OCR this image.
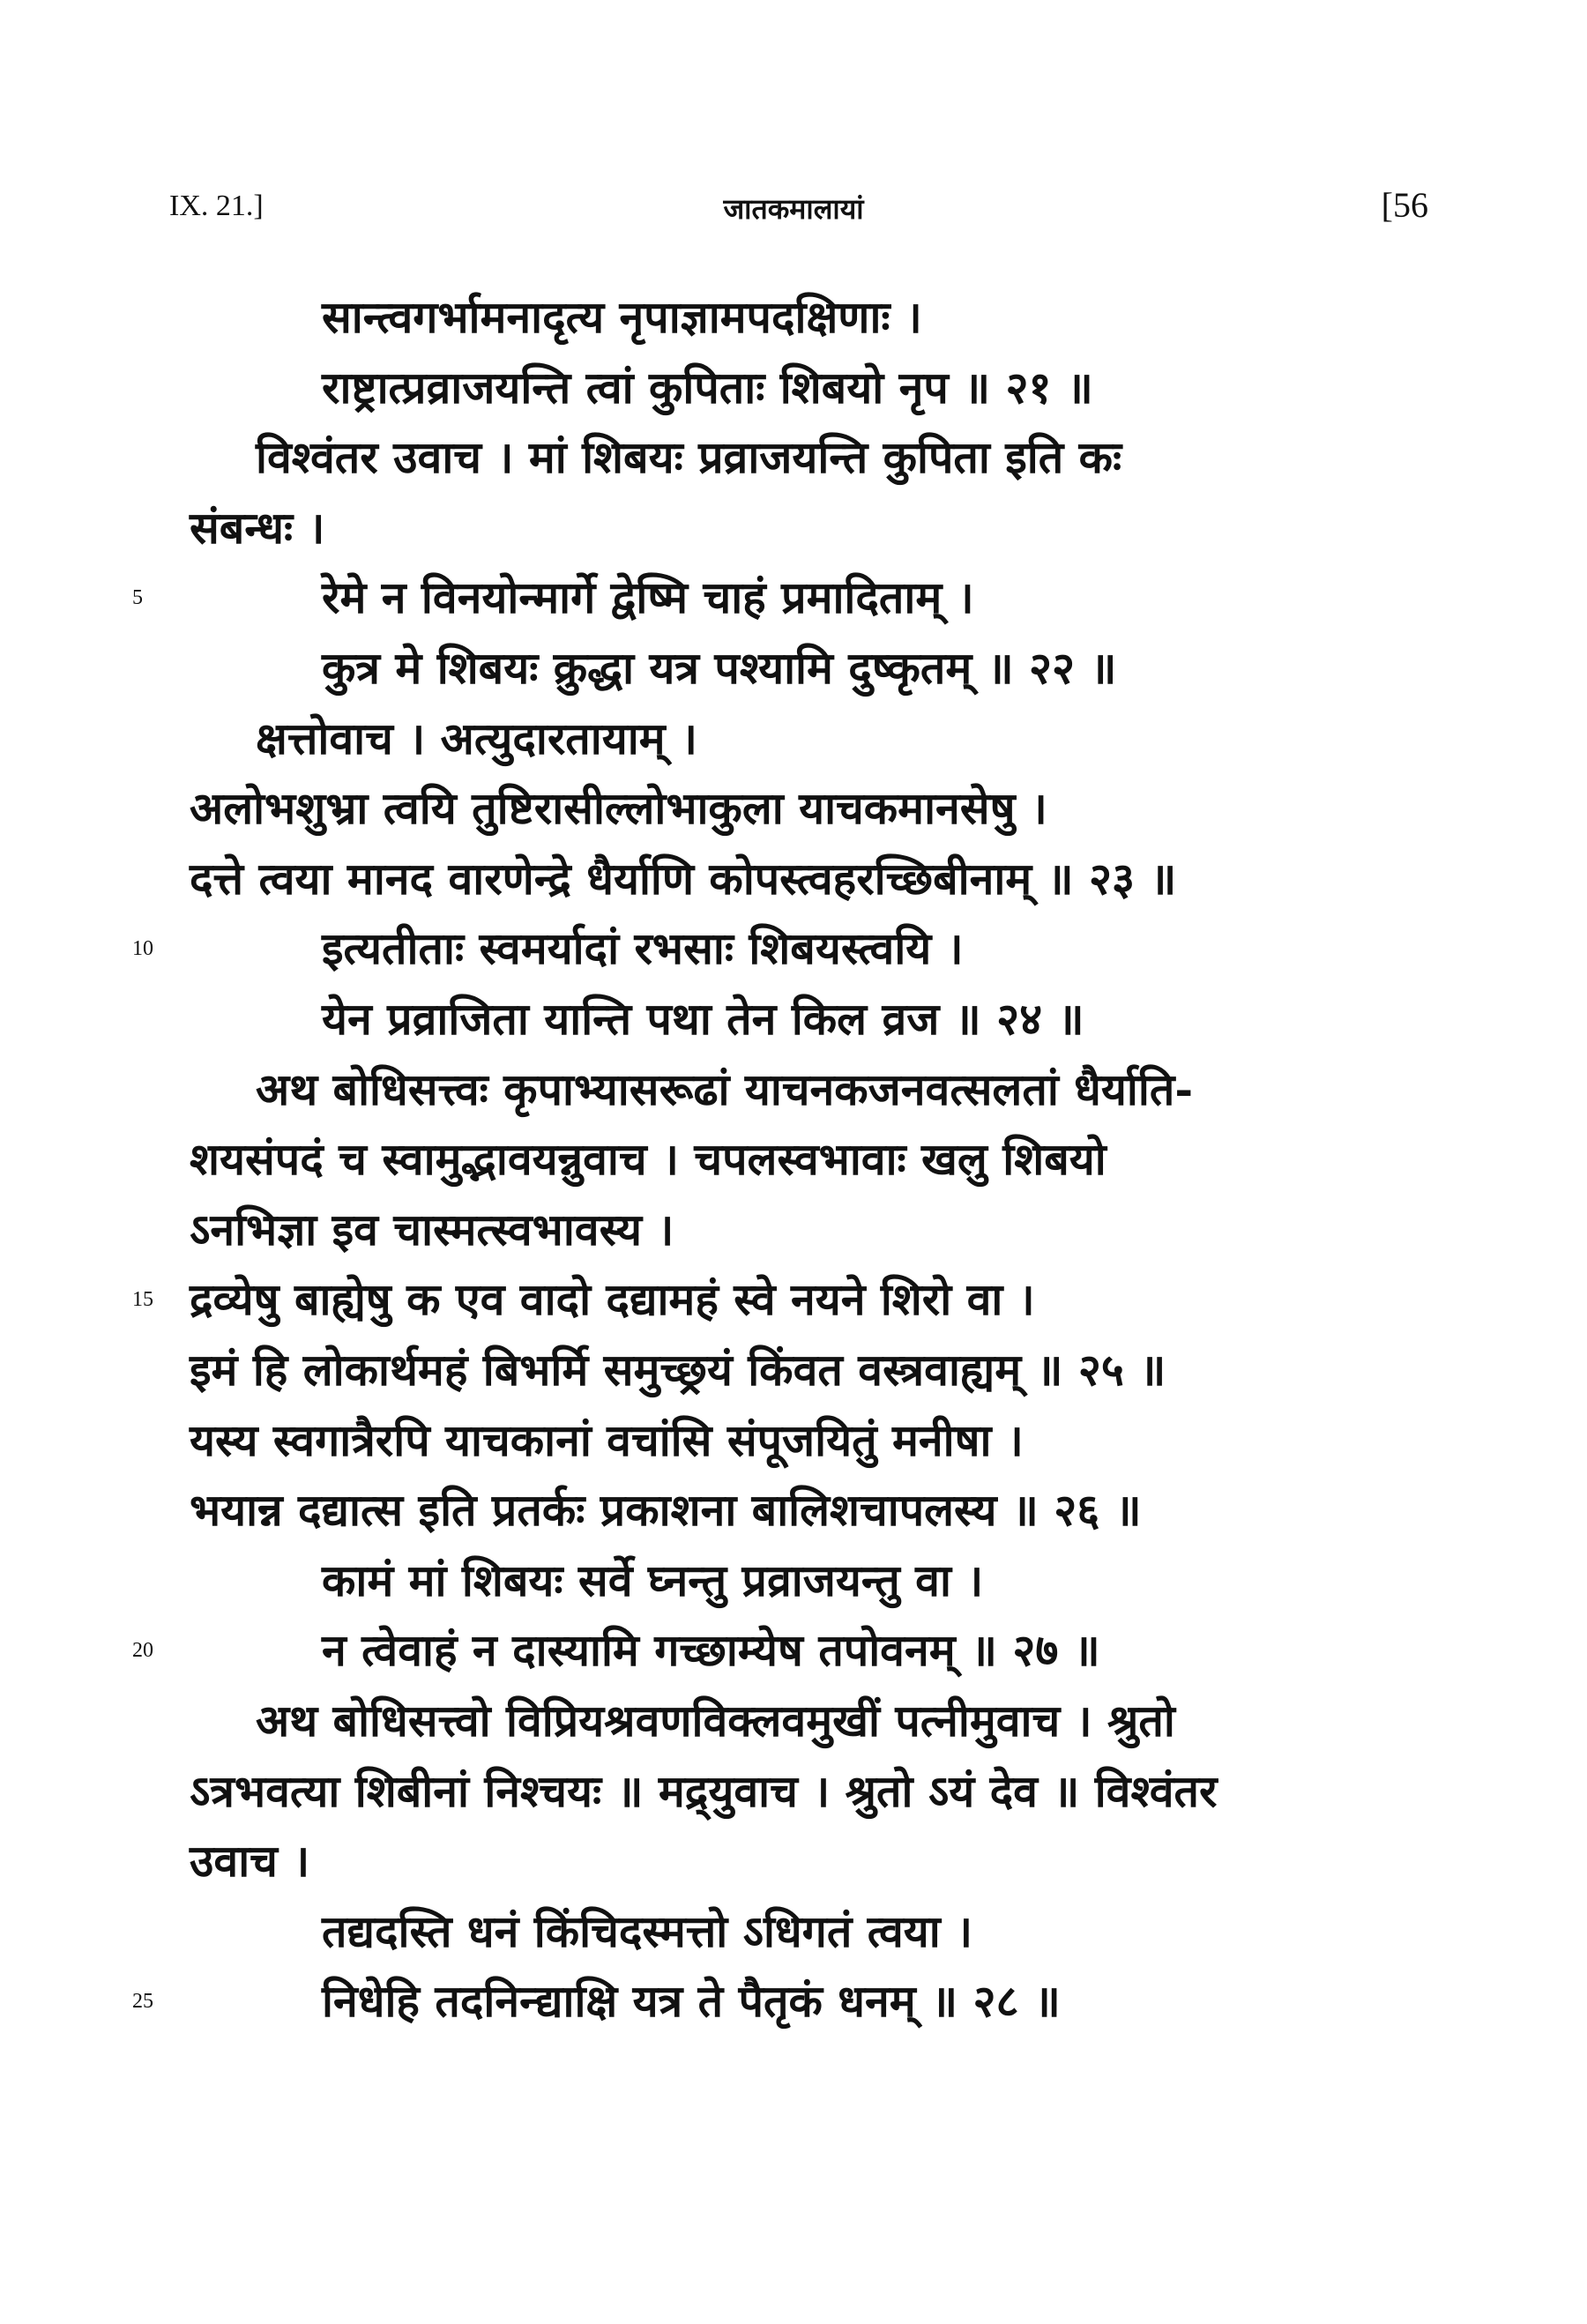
IX. 21.]	जातकमालायां	[56
सान्त्वगर्भामनादृत्य नृपाज्ञामपदक्षिणाः ।
राष्ट्रात्प्रव्राजयन्ति त्वां कुपिताः शिबयो नृप ॥ २१ ॥
विश्वंतर उवाच । मां शिबयः प्रव्राजयन्ति कुपिता इति कः
संबन्धः ।
5	रेमे न विनयोन्मार्गे द्वेष्मि चाहं प्रमादिताम् ।
कुत्र मे शिबयः क्रुद्धा यत्र पश्यामि दुष्कृतम् ॥ २२ ॥
क्षत्तोवाच । अत्युदारतायाम् ।
अलोभशुभ्रा त्वयि तुष्टिरासील्लोभाकुला याचकमानसेषु ।
दत्ते त्वया मानद वारणेन्द्रे धैर्याणि कोपस्त्वहरच्छिबीनाम् ॥ २३ ॥
10	इत्यतीताः स्वमर्यादां रभसाः शिबयस्त्वयि ।
येन प्रव्राजिता यान्ति पथा तेन किल व्रज ॥ २४ ॥
अथ बोधिसत्त्वः कृपाभ्यासरूढां याचनकजनवत्सलतां धैर्याति-
शयसंपदं च स्वामुद्भावयन्नुवाच । चपलस्वभावाः खलु शिबयो
ऽनभिज्ञा इव चास्मत्स्वभावस्य ।
15 द्रव्येषु बाह्येषु क एव वादो दद्यामहं स्वे नयने शिरो वा ।
इमं हि लोकार्थमहं बिभर्मि समुच्छ्रयं किंवत वस्त्रवाह्यम् ॥ २५ ॥
यस्य स्वगात्रैरपि याचकानां वचांसि संपूजयितुं मनीषा ।
भयान्न दद्यात्स इति प्रतर्कः प्रकाशना बालिशचापलस्य ॥ २६ ॥
कामं मां शिबयः सर्वे घ्नन्तु प्रव्राजयन्तु वा ।
20	न त्वेवाहं न दास्यामि गच्छाम्येष तपोवनम् ॥ २७ ॥
अथ बोधिसत्त्वो विप्रियश्रवणविक्लवमुखीं पत्नीमुवाच । श्रुतो
ऽत्रभवत्या शिबीनां निश्चयः ॥ मद्र्युवाच । श्रुतो ऽयं देव ॥ विश्वंतर
उवाच ।
तद्यदस्ति धनं किंचिदस्मत्तो ऽधिगतं त्वया ।
25	निधेहि तदनिन्द्याक्षि यत्र ते पैतृकं धनम् ॥ २८ ॥
